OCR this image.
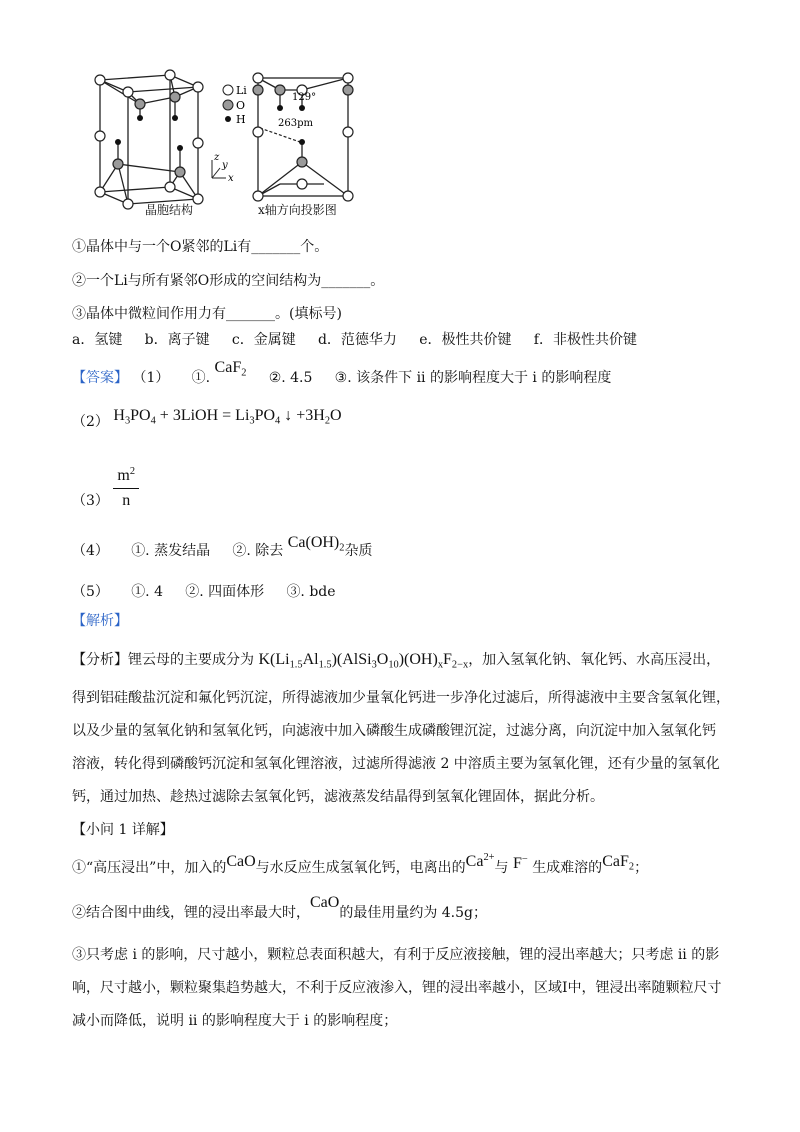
z
y
x
Li
O
H
129°
263pm
晶胞结构	x轴方向投影图
①晶体中与一个O紧邻的Li有_______个。
②一个Li与所有紧邻O形成的空间结构为_______。
③晶体中微粒间作用力有_______。(填标号)
a．氢键 b．离子键 c．金属键 d．范德华力 e．极性共价键 f．非极性共价键
【答案】 （1） ①. CaF$_2$ ②. 4.5 ③. 该条件下 ii 的影响程度大于 i 的影响程度
（2） $H_3PO_4$ + 3LiOH = $Li_3PO_4$ ↓ $+3H_2O$
$(3) \frac{m^2}{n}$
（4） ①. 蒸发结晶 ②. 除去 $Ca(OH)_2$杂质
（5） ①. 4 ②. 四面体形 ③. bde
【解析】
【分析】锂云母的主要成分为 $K(Li_{1.5}Al_{1.5})(AlSi_3O_{10})(OH)_xF_{2-x}$，加入氢氧化钠、氧化钙、水高压浸出，
得到铝硅酸盐沉淀和氟化钙沉淀，所得滤液加少量氧化钙进一步净化过滤后，所得滤液中主要含氢氧化锂，
以及少量的氢氧化钠和氢氧化钙，向滤液中加入磷酸生成磷酸锂沉淀，过滤分离，向沉淀中加入氢氧化钙
溶液，转化得到磷酸钙沉淀和氢氧化锂溶液，过滤所得滤液 2 中溶质主要为氢氧化锂，还有少量的氢氧化
钙，通过加热、趁热过滤除去氢氧化钙，滤液蒸发结晶得到氢氧化锂固体，据此分析。
【小问 1 详解】
①“高压浸出”中，加入的CaO与水反应生成氢氧化钙，电离出的$Ca^{2+}$与 F− 生成难溶的CaF$_2$；
②结合图中曲线，锂的浸出率最大时，CaO的最佳用量约为 4.5g；
③只考虑 i 的影响，尺寸越小，颗粒总表面积越大，有利于反应液接触，锂的浸出率越大；只考虑 ii 的影
响，尺寸越小，颗粒聚集趋势越大，不利于反应液渗入，锂的浸出率越小，区域I中，锂浸出率随颗粒尺寸
减小而降低，说明 ii 的影响程度大于 i 的影响程度；
